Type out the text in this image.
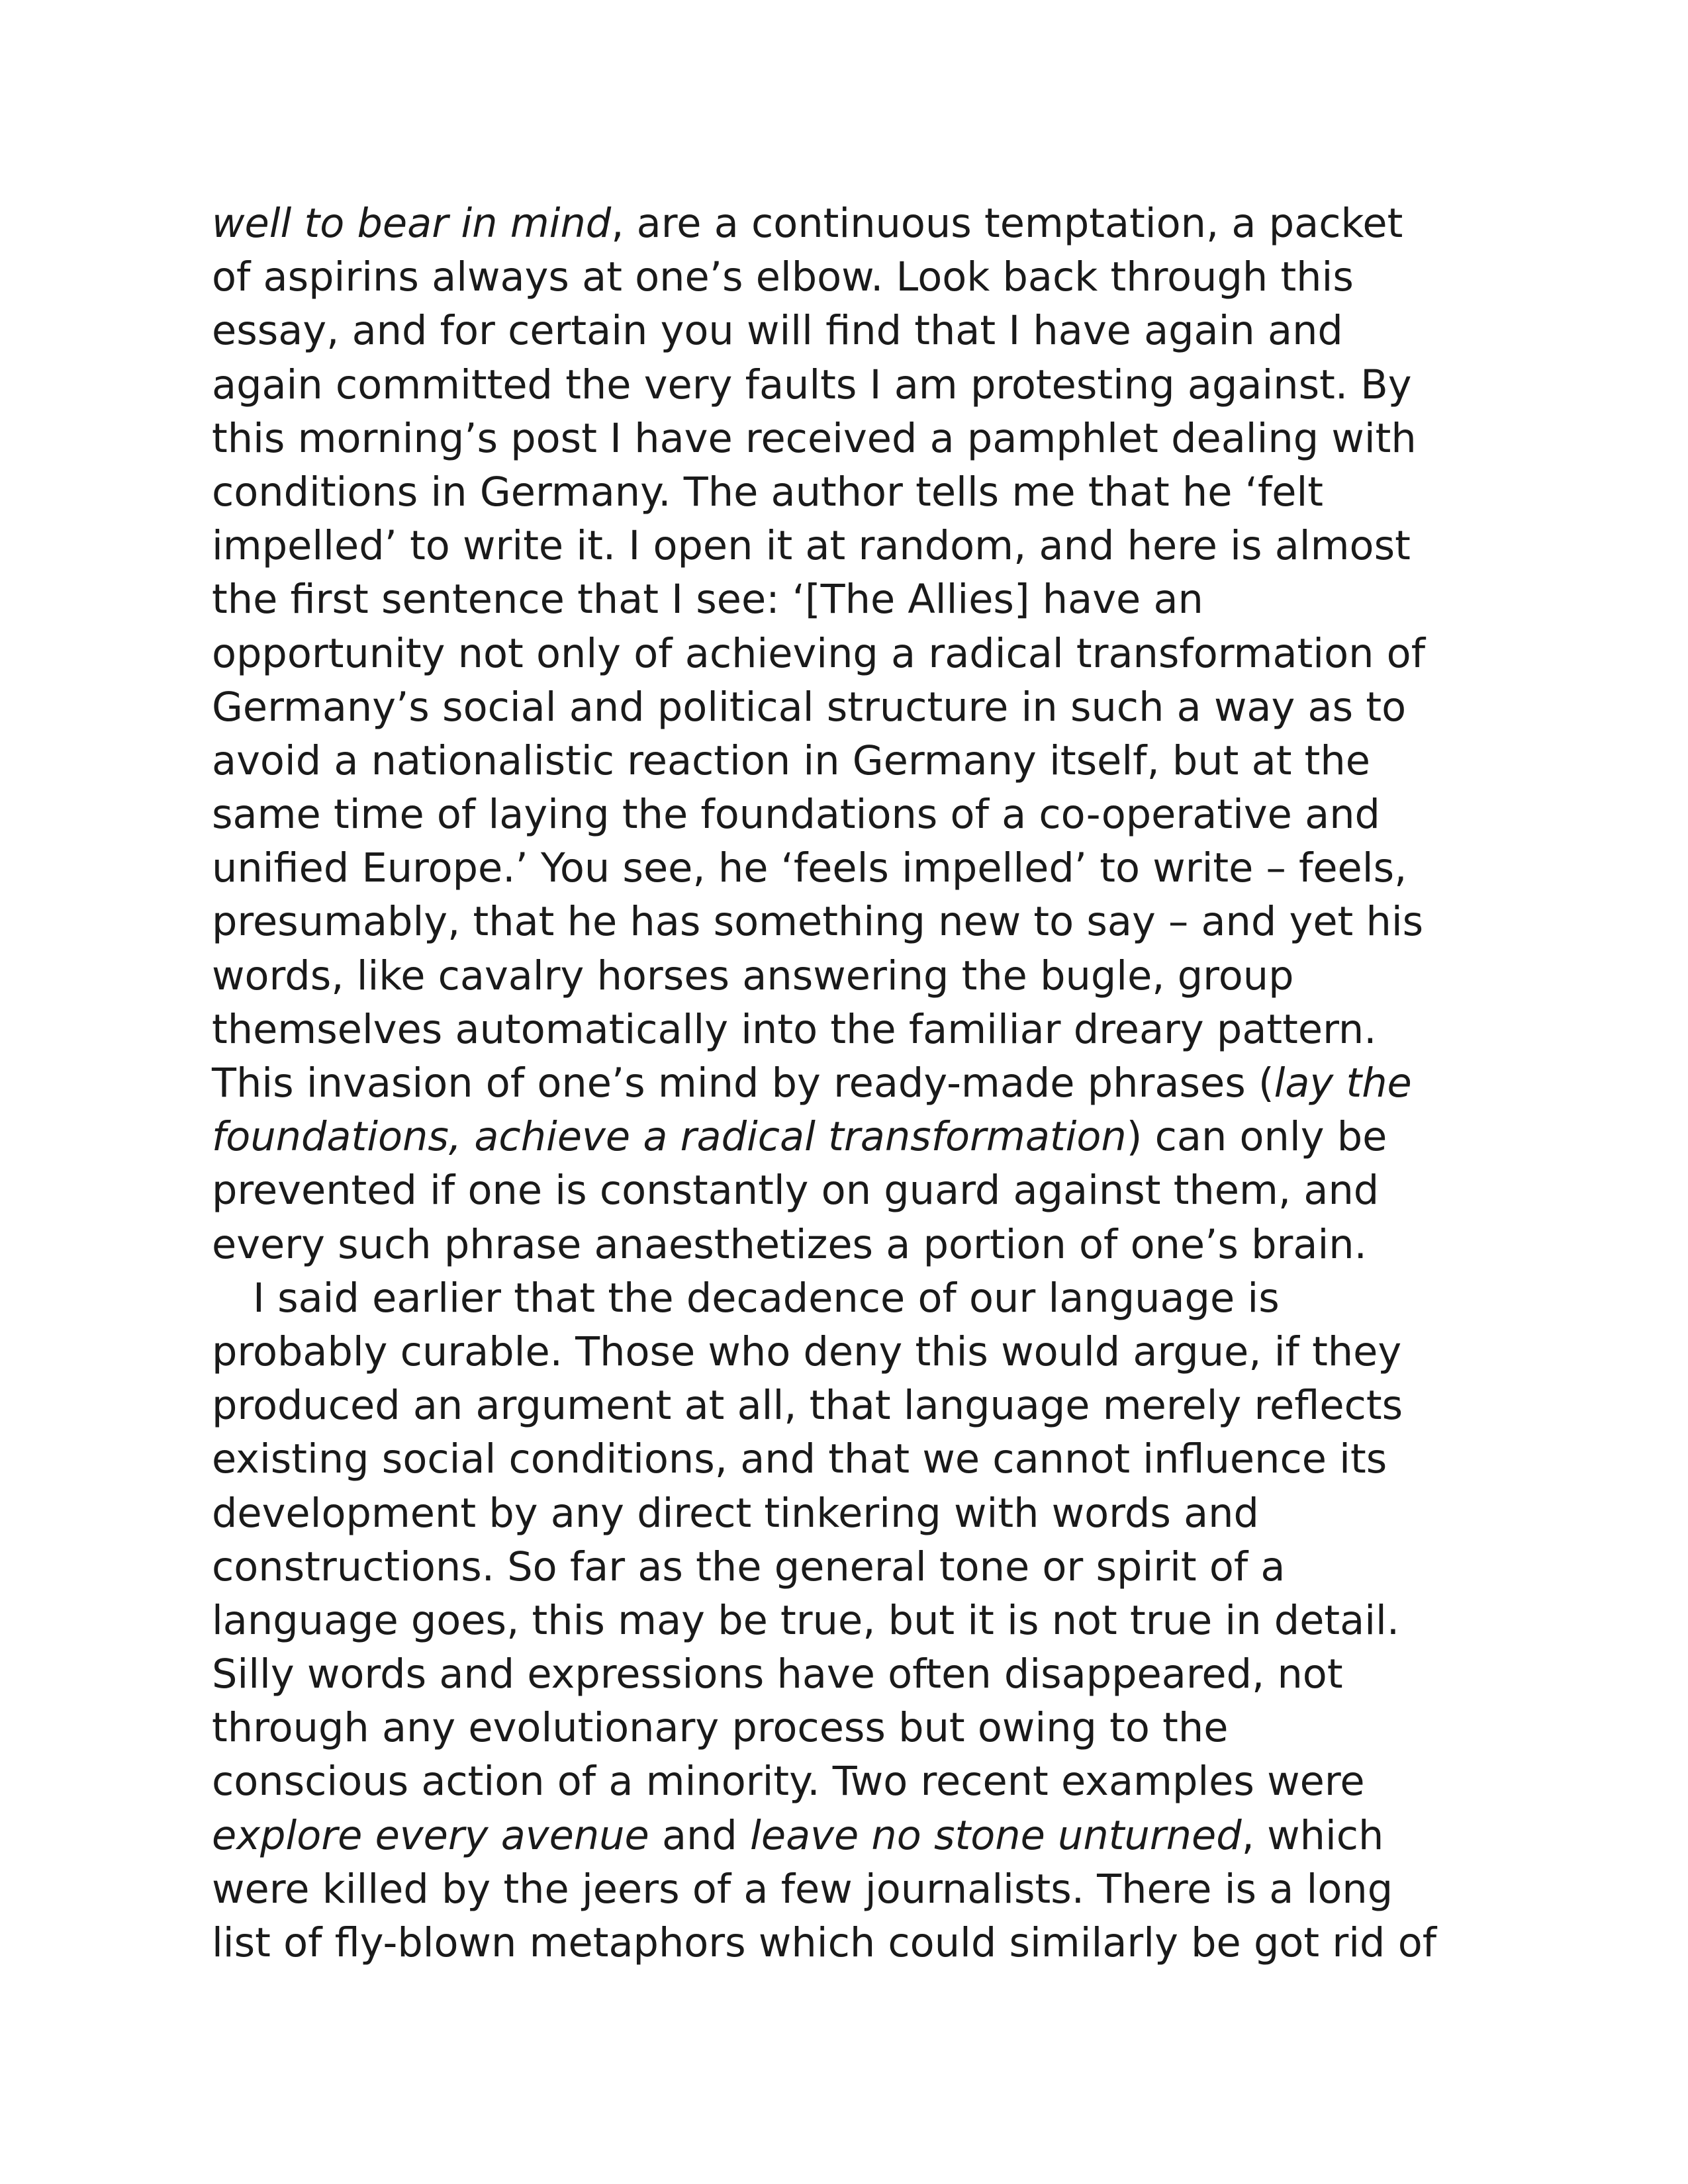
well to bear in mind, are a continuous temptation, a packet
of aspirins always at one’s elbow. Look back through this
essay, and for certain you will find that I have again and
again committed the very faults I am protesting against. By
this morning’s post I have received a pamphlet dealing with
conditions in Germany. The author tells me that he ‘felt
impelled’ to write it. I open it at random, and here is almost
the first sentence that I see: ‘[The Allies] have an
opportunity not only of achieving a radical transformation of
Germany’s social and political structure in such a way as to
avoid a nationalistic reaction in Germany itself, but at the
same time of laying the foundations of a co-operative and
unified Europe.’ You see, he ‘feels impelled’ to write – feels,
presumably, that he has something new to say – and yet his
words, like cavalry horses answering the bugle, group
themselves automatically into the familiar dreary pattern.
This invasion of one’s mind by ready-made phrases (lay the
foundations, achieve a radical transformation) can only be
prevented if one is constantly on guard against them, and
every such phrase anaesthetizes a portion of one’s brain.
I said earlier that the decadence of our language is
probably curable. Those who deny this would argue, if they
produced an argument at all, that language merely reflects
existing social conditions, and that we cannot influence its
development by any direct tinkering with words and
constructions. So far as the general tone or spirit of a
language goes, this may be true, but it is not true in detail.
Silly words and expressions have often disappeared, not
through any evolutionary process but owing to the
conscious action of a minority. Two recent examples were
explore every avenue and leave no stone unturned, which
were killed by the jeers of a few journalists. There is a long
list of fly-blown metaphors which could similarly be got rid of
